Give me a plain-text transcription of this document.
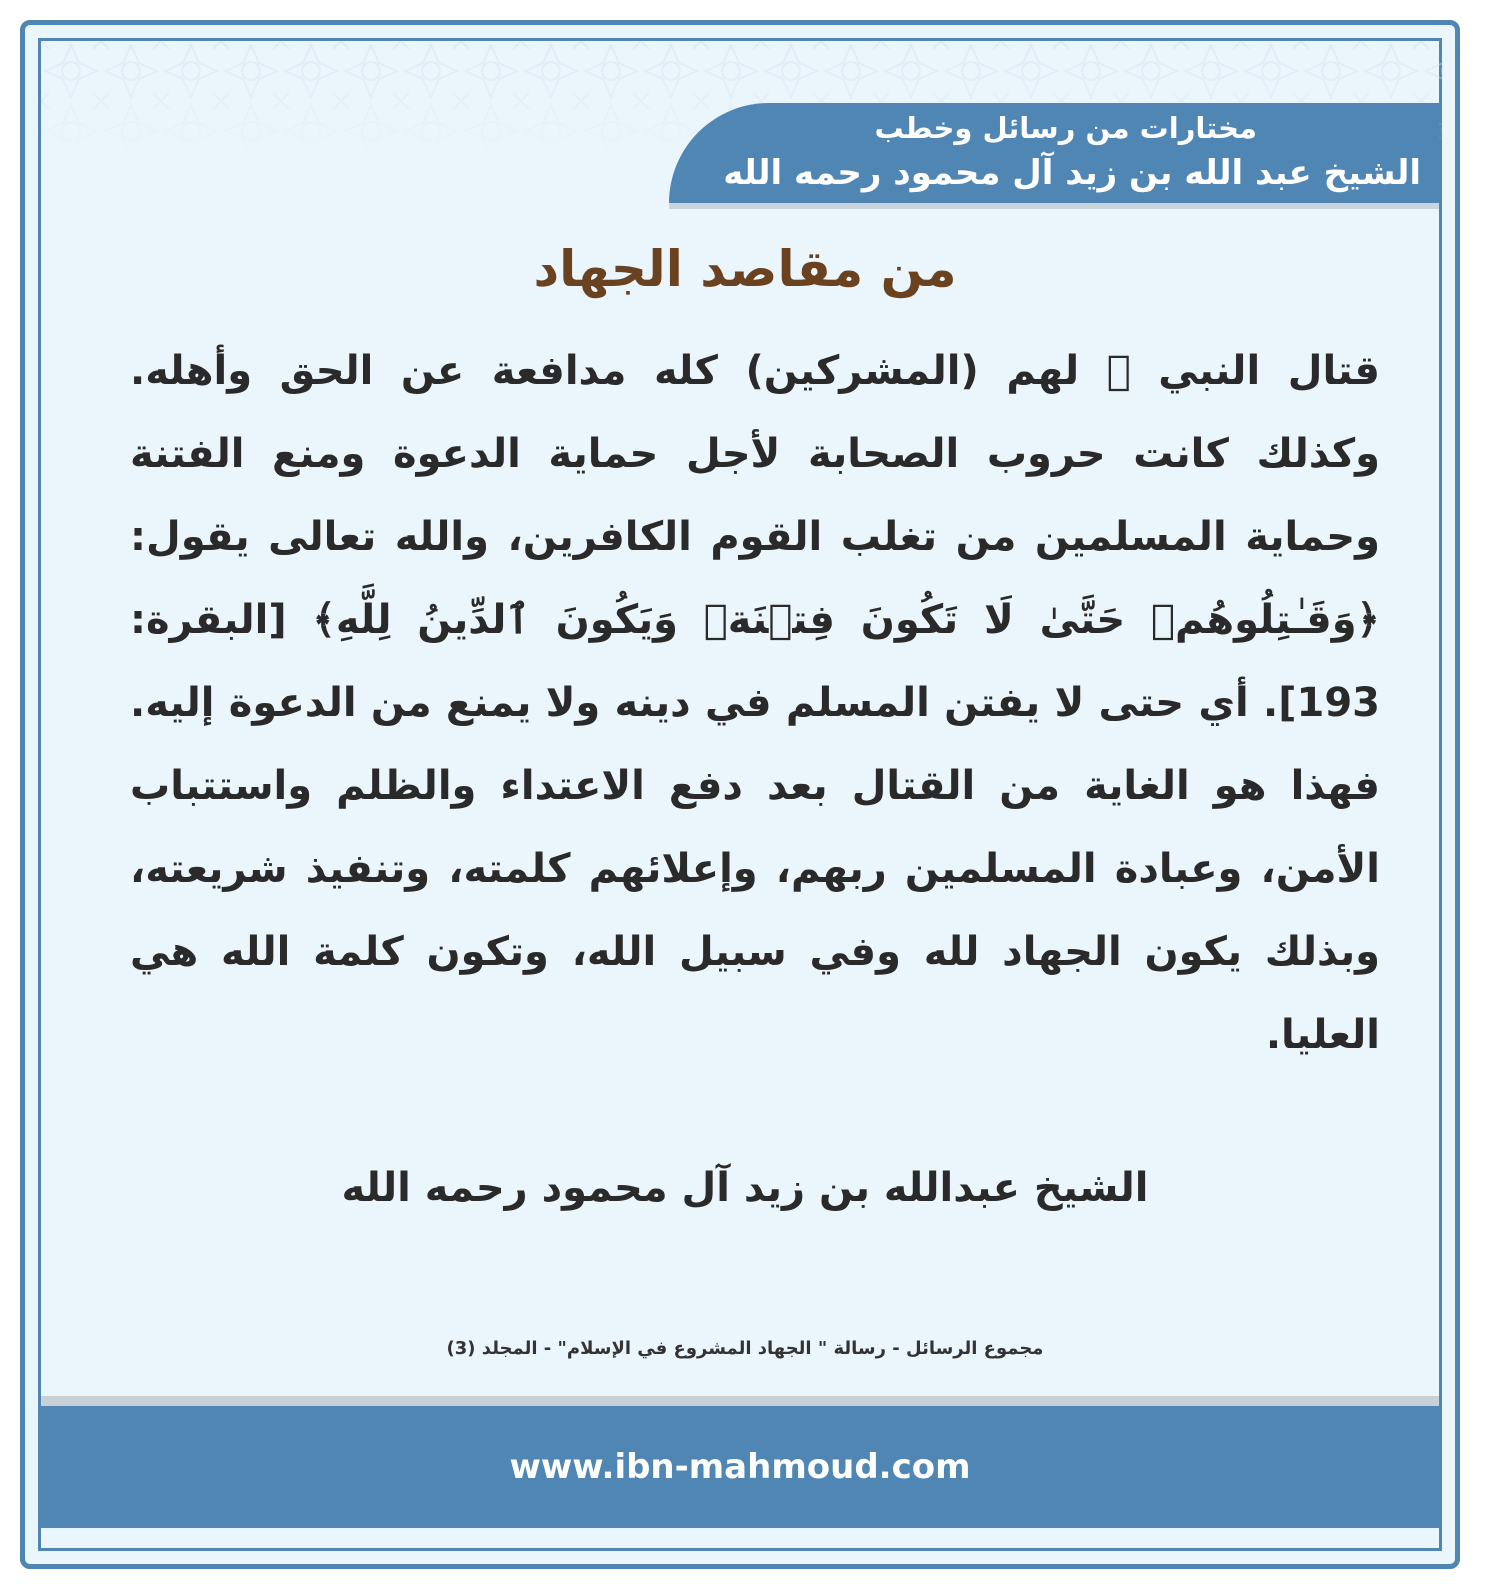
مختارات من رسائل وخطب
الشيخ عبد الله بن زيد آل محمود رحمه الله
من مقاصد الجهاد
قتال النبي ﷺ لهم (المشركين) كله مدافعة عن الحق وأهله. وكذلك كانت حروب الصحابة لأجل حماية الدعوة ومنع الفتنة وحماية المسلمين من تغلب القوم الكافرين، والله تعالى يقول: ﴿وَقَـٰتِلُوهُمۡ حَتَّىٰ لَا تَكُونَ فِتۡنَةٞ وَيَكُونَ ٱلدِّينُ لِلَّهِ﴾ [البقرة: 193]. أي حتى لا يفتن المسلم في دينه ولا يمنع من الدعوة إليه. فهذا هو الغاية من القتال بعد دفع الاعتداء والظلم واستتباب الأمن، وعبادة المسلمين ربهم، وإعلائهم كلمته، وتنفيذ شريعته، وبذلك يكون الجهاد لله وفي سبيل الله، وتكون كلمة الله هي العليا.
الشيخ عبدالله بن زيد آل محمود رحمه الله
مجموع الرسائل - رسالة " الجهاد المشروع في الإسلام" - المجلد (3)
www.ibn-mahmoud.com
